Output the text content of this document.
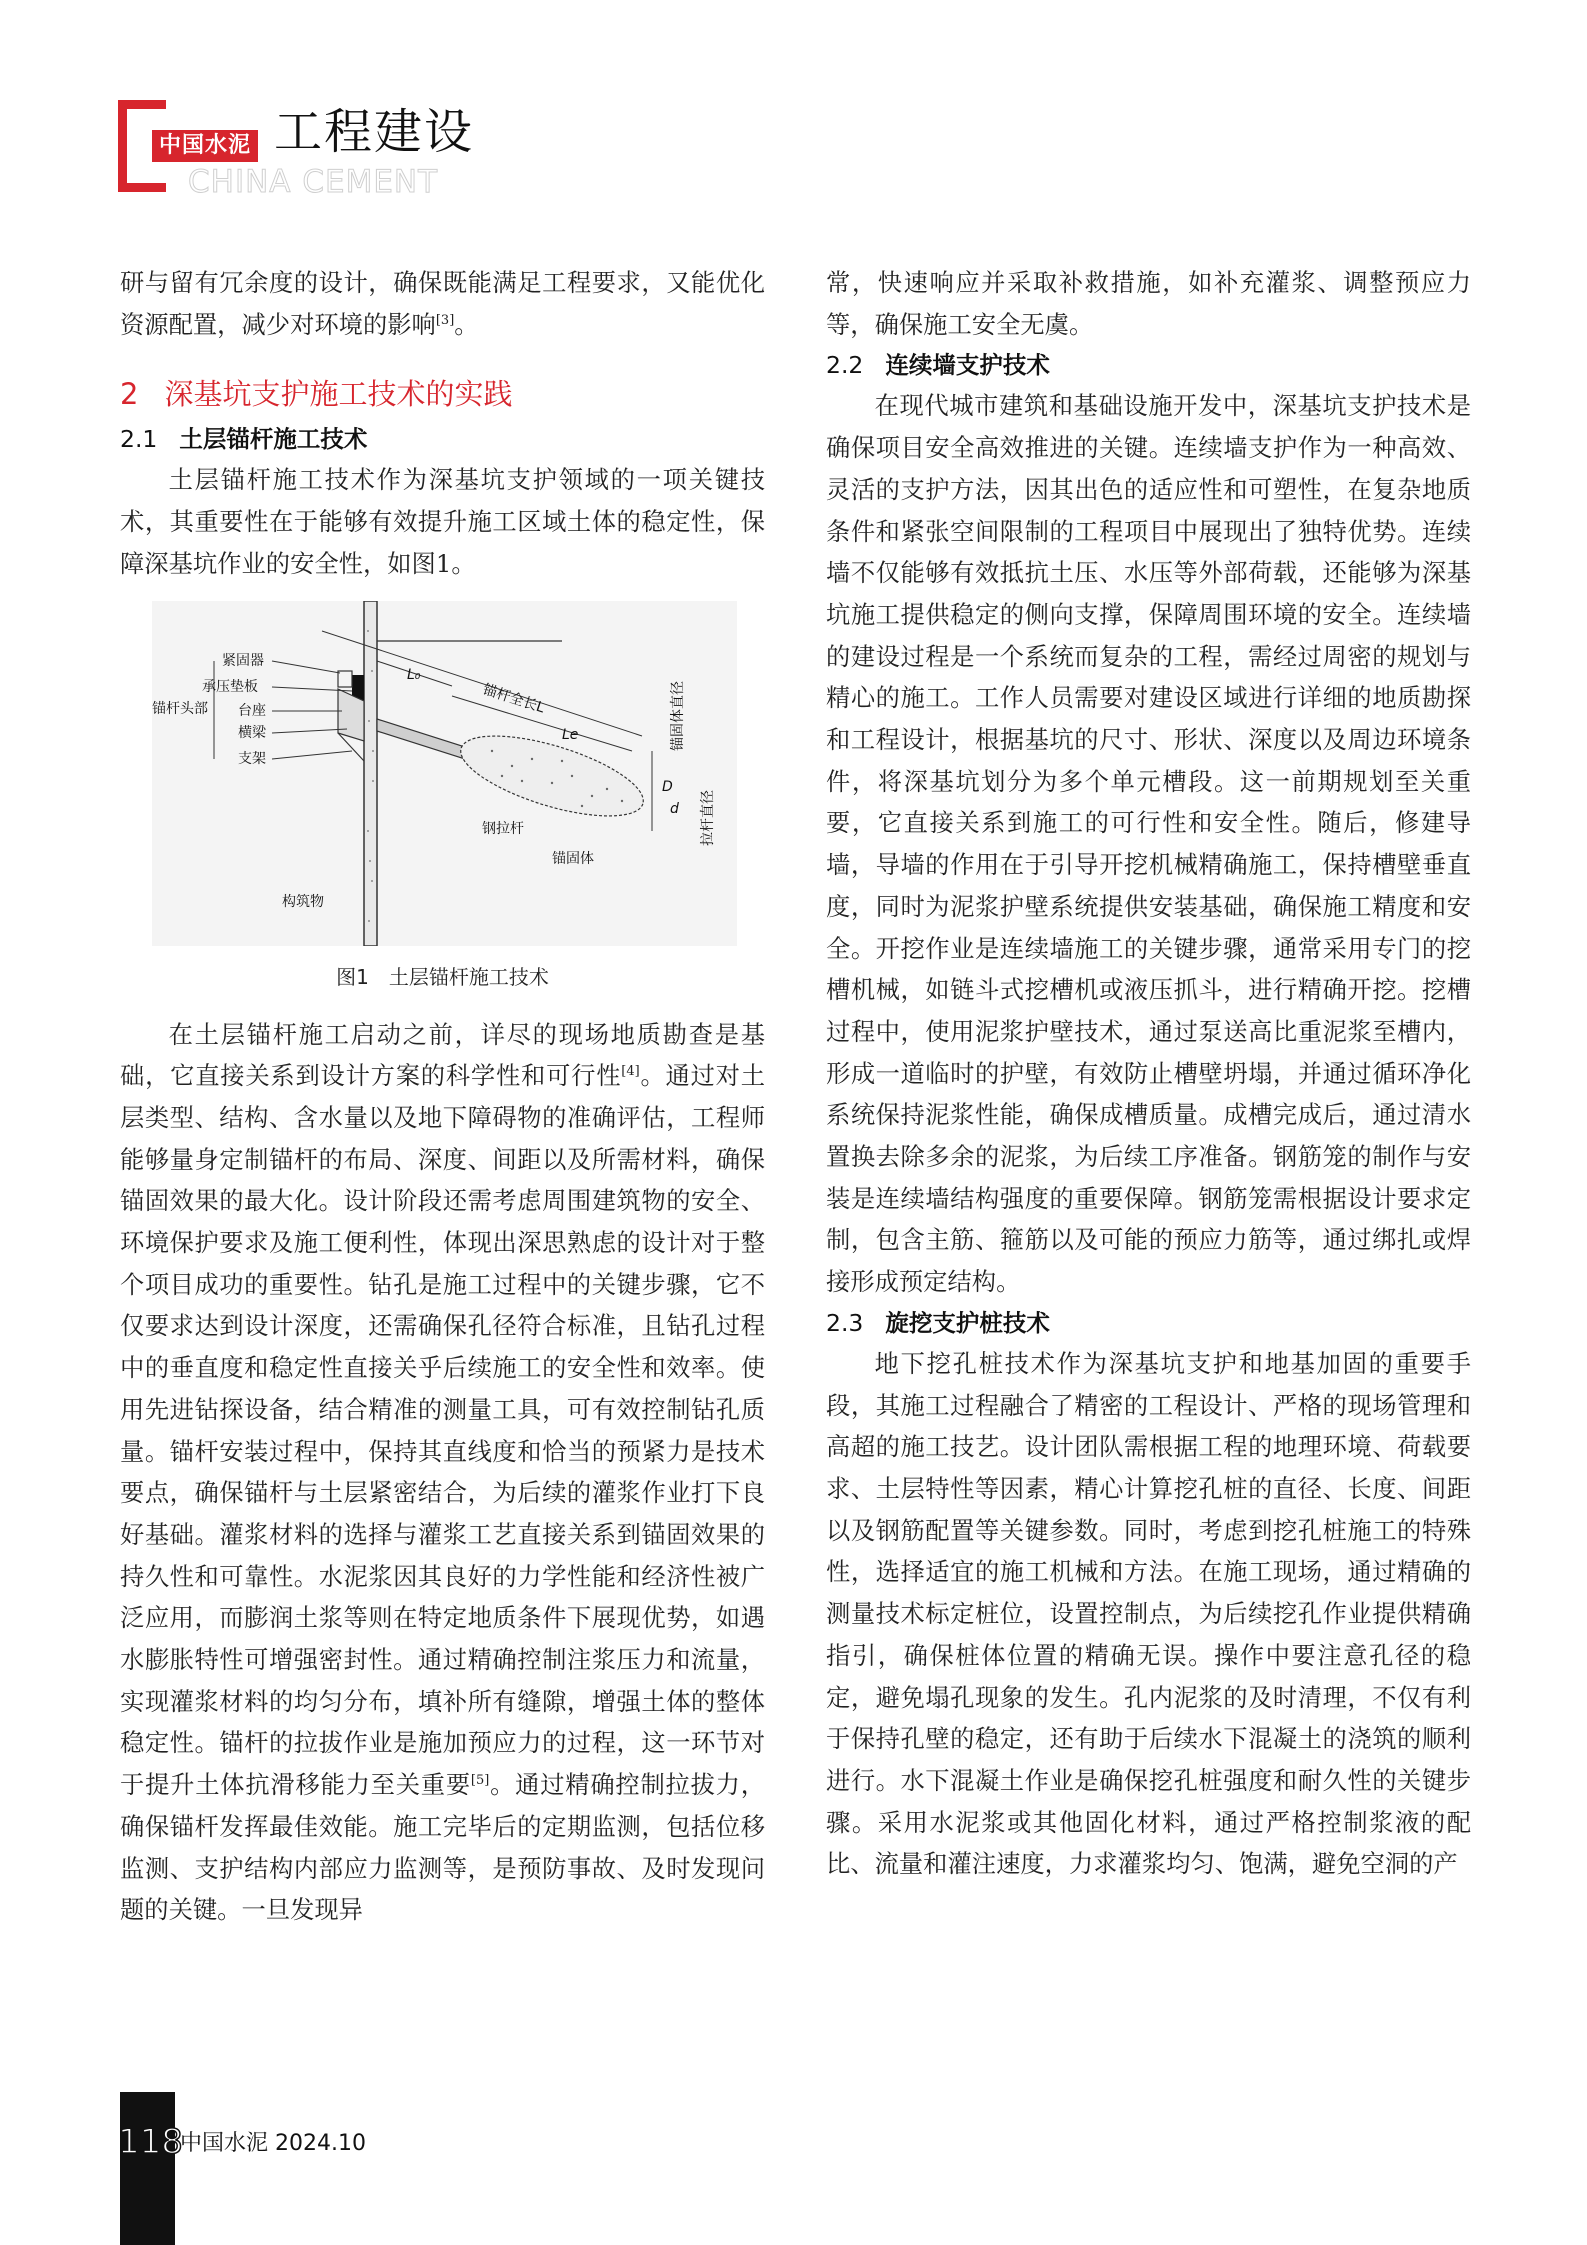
中国水泥 工程建设
CHINA CEMENT

研与留有冗余度的设计，确保既能满足工程要求，又能优化资源配置，减少对环境的影响[3]。

2 深基坑支护施工技术的实践
2.1 土层锚杆施工技术

土层锚杆施工技术作为深基坑支护领域的一项关键技术，其重要性在于能够有效提升施工区域土体的稳定性，保障深基坑作业的安全性，如图1。

紧固器
承压垫板
台座
横梁
支架
锚杆头部
构筑物
锚杆全长L
L₀
Le
钢拉杆
锚固体
D
d
锚固体直径
拉杆直径
图1　土层锚杆施工技术

在土层锚杆施工启动之前，详尽的现场地质勘查是基础，它直接关系到设计方案的科学性和可行性[4]。通过对土层类型、结构、含水量以及地下障碍物的准确评估，工程师能够量身定制锚杆的布局、深度、间距以及所需材料，确保锚固效果的最大化。设计阶段还需考虑周围建筑物的安全、环境保护要求及施工便利性，体现出深思熟虑的设计对于整个项目成功的重要性。钻孔是施工过程中的关键步骤，它不仅要求达到设计深度，还需确保孔径符合标准，且钻孔过程中的垂直度和稳定性直接关乎后续施工的安全性和效率。使用先进钻探设备，结合精准的测量工具，可有效控制钻孔质量。锚杆安装过程中，保持其直线度和恰当的预紧力是技术要点，确保锚杆与土层紧密结合，为后续的灌浆作业打下良好基础。灌浆材料的选择与灌浆工艺直接关系到锚固效果的持久性和可靠性。水泥浆因其良好的力学性能和经济性被广泛应用，而膨润土浆等则在特定地质条件下展现优势，如遇水膨胀特性可增强密封性。通过精确控制注浆压力和流量，实现灌浆材料的均匀分布，填补所有缝隙，增强土体的整体稳定性。锚杆的拉拔作业是施加预应力的过程，这一环节对于提升土体抗滑移能力至关重要[5]。通过精确控制拉拔力，确保锚杆发挥最佳效能。施工完毕后的定期监测，包括位移监测、支护结构内部应力监测等，是预防事故、及时发现问题的关键。一旦发现异

常，快速响应并采取补救措施，如补充灌浆、调整预应力等，确保施工安全无虞。

2.2 连续墙支护技术

在现代城市建筑和基础设施开发中，深基坑支护技术是确保项目安全高效推进的关键。连续墙支护作为一种高效、灵活的支护方法，因其出色的适应性和可塑性，在复杂地质条件和紧张空间限制的工程项目中展现出了独特优势。连续墙不仅能够有效抵抗土压、水压等外部荷载，还能够为深基坑施工提供稳定的侧向支撑，保障周围环境的安全。连续墙的建设过程是一个系统而复杂的工程，需经过周密的规划与精心的施工。工作人员需要对建设区域进行详细的地质勘探和工程设计，根据基坑的尺寸、形状、深度以及周边环境条件，将深基坑划分为多个单元槽段。这一前期规划至关重要，它直接关系到施工的可行性和安全性。随后，修建导墙，导墙的作用在于引导开挖机械精确施工，保持槽壁垂直度，同时为泥浆护壁系统提供安装基础，确保施工精度和安全。开挖作业是连续墙施工的关键步骤，通常采用专门的挖槽机械，如链斗式挖槽机或液压抓斗，进行精确开挖。挖槽过程中，使用泥浆护壁技术，通过泵送高比重泥浆至槽内，形成一道临时的护壁，有效防止槽壁坍塌，并通过循环净化系统保持泥浆性能，确保成槽质量。成槽完成后，通过清水置换去除多余的泥浆，为后续工序准备。钢筋笼的制作与安装是连续墙结构强度的重要保障。钢筋笼需根据设计要求定制，包含主筋、箍筋以及可能的预应力筋等，通过绑扎或焊接形成预定结构。

2.3 旋挖支护桩技术

地下挖孔桩技术作为深基坑支护和地基加固的重要手段，其施工过程融合了精密的工程设计、严格的现场管理和高超的施工技艺。设计团队需根据工程的地理环境、荷载要求、土层特性等因素，精心计算挖孔桩的直径、长度、间距以及钢筋配置等关键参数。同时，考虑到挖孔桩施工的特殊性，选择适宜的施工机械和方法。在施工现场，通过精确的测量技术标定桩位，设置控制点，为后续挖孔作业提供精确指引，确保桩体位置的精确无误。操作中要注意孔径的稳定，避免塌孔现象的发生。孔内泥浆的及时清理，不仅有利于保持孔壁的稳定，还有助于后续水下混凝土的浇筑的顺利进行。水下混凝土作业是确保挖孔桩强度和耐久性的关键步骤。采用水泥浆或其他固化材料，通过严格控制浆液的配比、流量和灌注速度，力求灌浆均匀、饱满，避免空洞的产

118
中国水泥 2024.10
